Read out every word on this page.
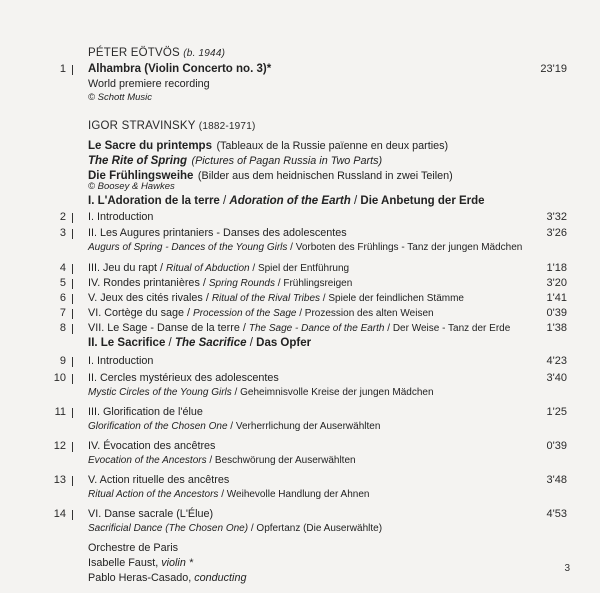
PÉTER EÖTVÖS (b. 1944)
1 Alhambra (Violin Concerto no. 3)*	23'19
World premiere recording
© Schott Music
IGOR STRAVINSKY (1882-1971)
Le Sacre du printemps (Tableaux de la Russie païenne en deux parties)
The Rite of Spring (Pictures of Pagan Russia in Two Parts)
Die Frühlingsweihe (Bilder aus dem heidnischen Russland in zwei Teilen)
© Boosey & Hawkes
I. L'Adoration de la terre / Adoration of the Earth / Die Anbetung der Erde
2 I. Introduction	3'32
3 II. Les Augures printaniers - Danses des adolescentes	3'26
Augurs of Spring - Dances of the Young Girls / Vorboten des Frühlings - Tanz der jungen Mädchen
4 III. Jeu du rapt / Ritual of Abduction / Spiel der Entführung	1'18
5 IV. Rondes printanières / Spring Rounds / Frühlingsreigen	3'20
6 V. Jeux des cités rivales / Ritual of the Rival Tribes / Spiele der feindlichen Stämme	1'41
7 VI. Cortège du sage / Procession of the Sage / Prozession des alten Weisen	0'39
8 VII. Le Sage - Danse de la terre / The Sage - Dance of the Earth / Der Weise - Tanz der Erde	1'38
II. Le Sacrifice / The Sacrifice / Das Opfer
9 I. Introduction	4'23
10 II. Cercles mystérieux des adolescentes	3'40
Mystic Circles of the Young Girls / Geheimnisvolle Kreise der jungen Mädchen
11 III. Glorification de l'élue	1'25
Glorification of the Chosen One / Verherrlichung der Auserwählten
12 IV. Évocation des ancêtres	0'39
Evocation of the Ancestors / Beschwörung der Auserwählten
13 V. Action rituelle des ancêtres	3'48
Ritual Action of the Ancestors / Weihevolle Handlung der Ahnen
14 VI. Danse sacrale (L'Élue)	4'53
Sacrificial Dance (The Chosen One) / Opfertanz (Die Auserwählte)
Orchestre de Paris
Isabelle Faust, violin *
Pablo Heras-Casado, conducting
3
